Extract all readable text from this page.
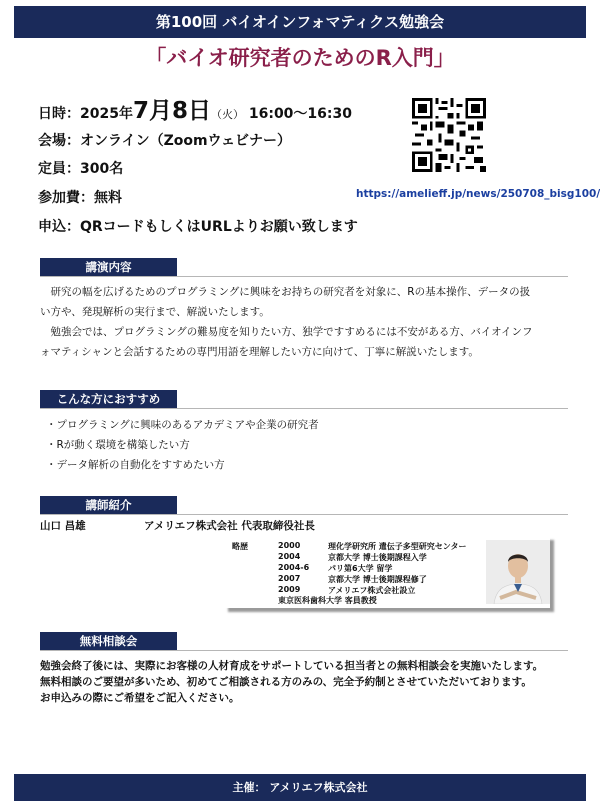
第100回 バイオインフォマティクス勉強会
「バイオ研究者のためのR入門」
日時：2025年7月8日（火） 16:00〜16:30
会場：オンライン（Zoomウェビナー）
定員：300名
参加費：無料
申込：QRコードもしくはURLよりお願い致します
https://amelieff.jp/news/250708_bisg100/
講演内容
研究の幅を広げるためのプログラミングに興味をお持ちの研究者を対象に、Rの基本操作、データの扱
い方や、発現解析の実行まで、解説いたします。
勉強会では、プログラミングの難易度を知りたい方、独学ですすめるには不安がある方、バイオインフ
ォマティシャンと会話するための専門用語を理解したい方に向けて、丁寧に解説いたします。
こんな方におすすめ
・プログラミングに興味のあるアカデミアや企業の研究者
・Rが動く環境を構築したい方
・データ解析の自動化をすすめたい方
講師紹介
山口 昌雄	アメリエフ株式会社 代表取締役社長
略歴	2000	理化学研究所 遺伝子多型研究センター
2004	京都大学 博士後期課程入学
2004-6 パリ第6大学 留学
2007	京都大学 博士後期課程修了
2009	アメリエフ株式会社設立
東京医科歯科大学 客員教授
無料相談会
勉強会終了後には、実際にお客様の人材育成をサポートしている担当者との無料相談会を実施いたします。
無料相談のご要望が多いため、初めてご相談される方のみの、完全予約制とさせていただいております。
お申込みの際にご希望をご記入ください。
主催： アメリエフ株式会社
